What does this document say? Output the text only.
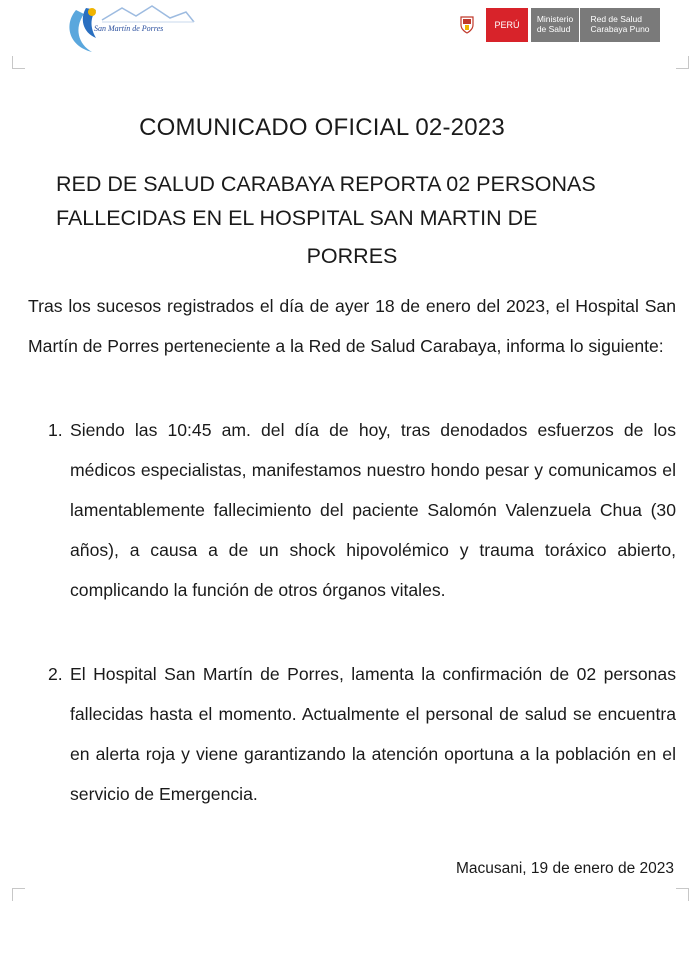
San Martín de Porres	PERÚ
Ministerio
de Salud
Red de Salud
Carabaya Puno
COMUNICADO OFICIAL 02-2023
RED DE SALUD CARABAYA REPORTA 02 PERSONAS FALLECIDAS EN EL HOSPITAL SAN MARTIN DE
PORRES
Tras los sucesos registrados el día de ayer 18 de enero del 2023, el Hospital San Martín de Porres perteneciente a la Red de Salud Carabaya, informa lo siguiente:
1. Siendo las 10:45 am. del día de hoy, tras denodados esfuerzos de los médicos especialistas, manifestamos nuestro hondo pesar y comunicamos el lamentablemente fallecimiento del paciente Salomón Valenzuela Chua (30 años), a causa a de un shock hipovolémico y trauma toráxico abierto, complicando la función de otros órganos vitales.
2. El Hospital San Martín de Porres, lamenta la confirmación de 02 personas fallecidas hasta el momento. Actualmente el personal de salud se encuentra en alerta roja y viene garantizando la atención oportuna a la población en el servicio de Emergencia.
Macusani, 19 de enero de 2023
